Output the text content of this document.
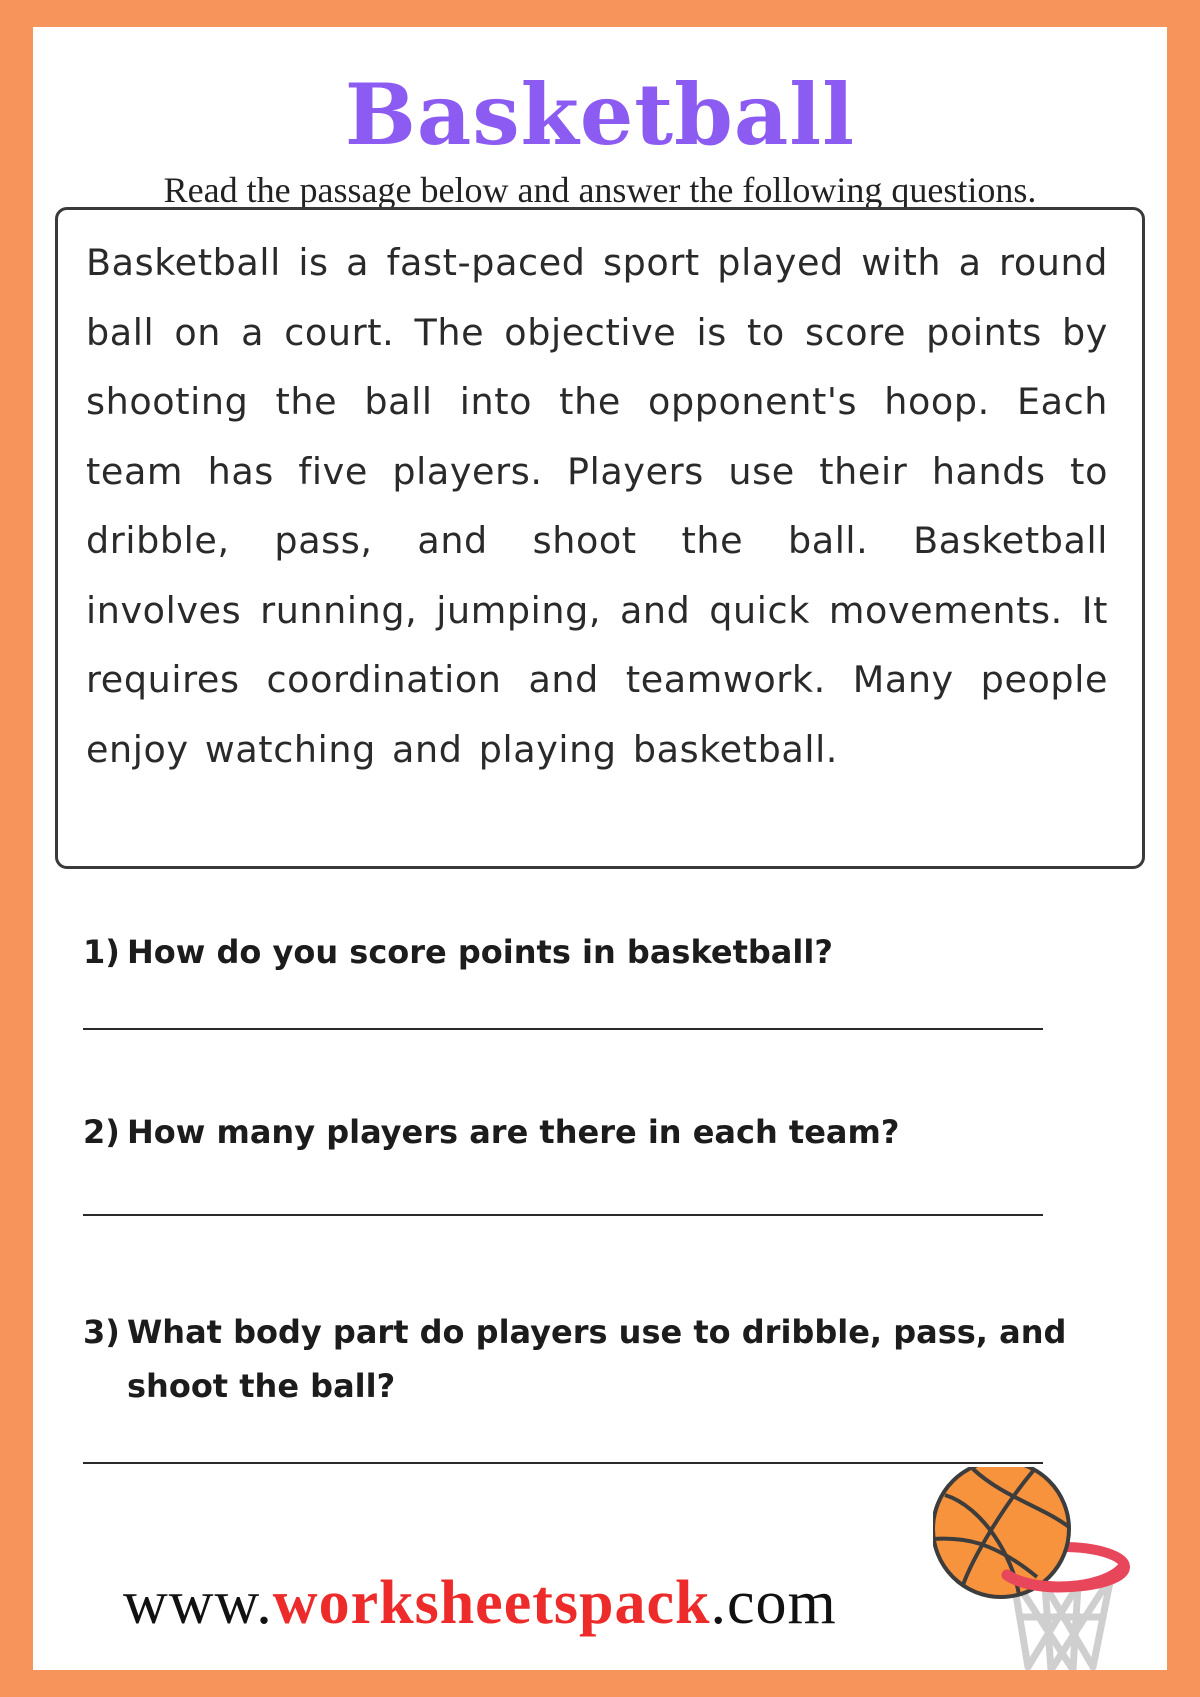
Basketball
Read the passage below and answer the following questions.

Basketball is a fast-paced sport played with a round ball on a court. The objective is to score points by shooting the ball into the opponent's hoop. Each team has five players. Players use their hands to dribble, pass, and shoot the ball. Basketball involves running, jumping, and quick movements. It requires coordination and teamwork. Many people enjoy watching and playing basketball.

1) How do you score points in basketball?
2) How many players are there in each team?
3) What body part do players use to dribble, pass, and shoot the ball?
www.worksheetspack.com
